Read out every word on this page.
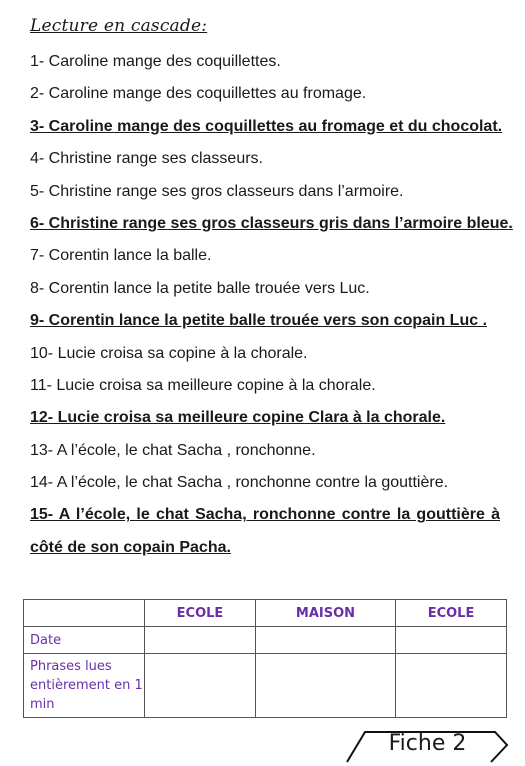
Lecture en cascade:
1- Caroline mange des coquillettes.
2- Caroline mange des coquillettes au fromage.
3- Caroline mange des coquillettes au fromage et du chocolat.
4- Christine range ses classeurs.
5- Christine range ses gros classeurs dans l’armoire.
6- Christine range ses gros classeurs gris dans l’armoire bleue.
7- Corentin lance la balle.
8- Corentin lance la petite balle trouée vers Luc.
9- Corentin lance la petite balle trouée vers son copain Luc .
10- Lucie croisa sa copine à la chorale.
11- Lucie croisa sa meilleure copine à la chorale.
12- Lucie croisa sa meilleure copine Clara à la chorale.
13- A l’école, le chat Sacha , ronchonne.
14- A l’école, le chat Sacha , ronchonne contre la gouttière.
15- A l’école, le chat Sacha, ronchonne contre la gouttière à côté de son copain Pacha.
	ECOLE	MAISON	ECOLE
Date			
Phrases lues entièrement en 1 min			
Fiche 2
